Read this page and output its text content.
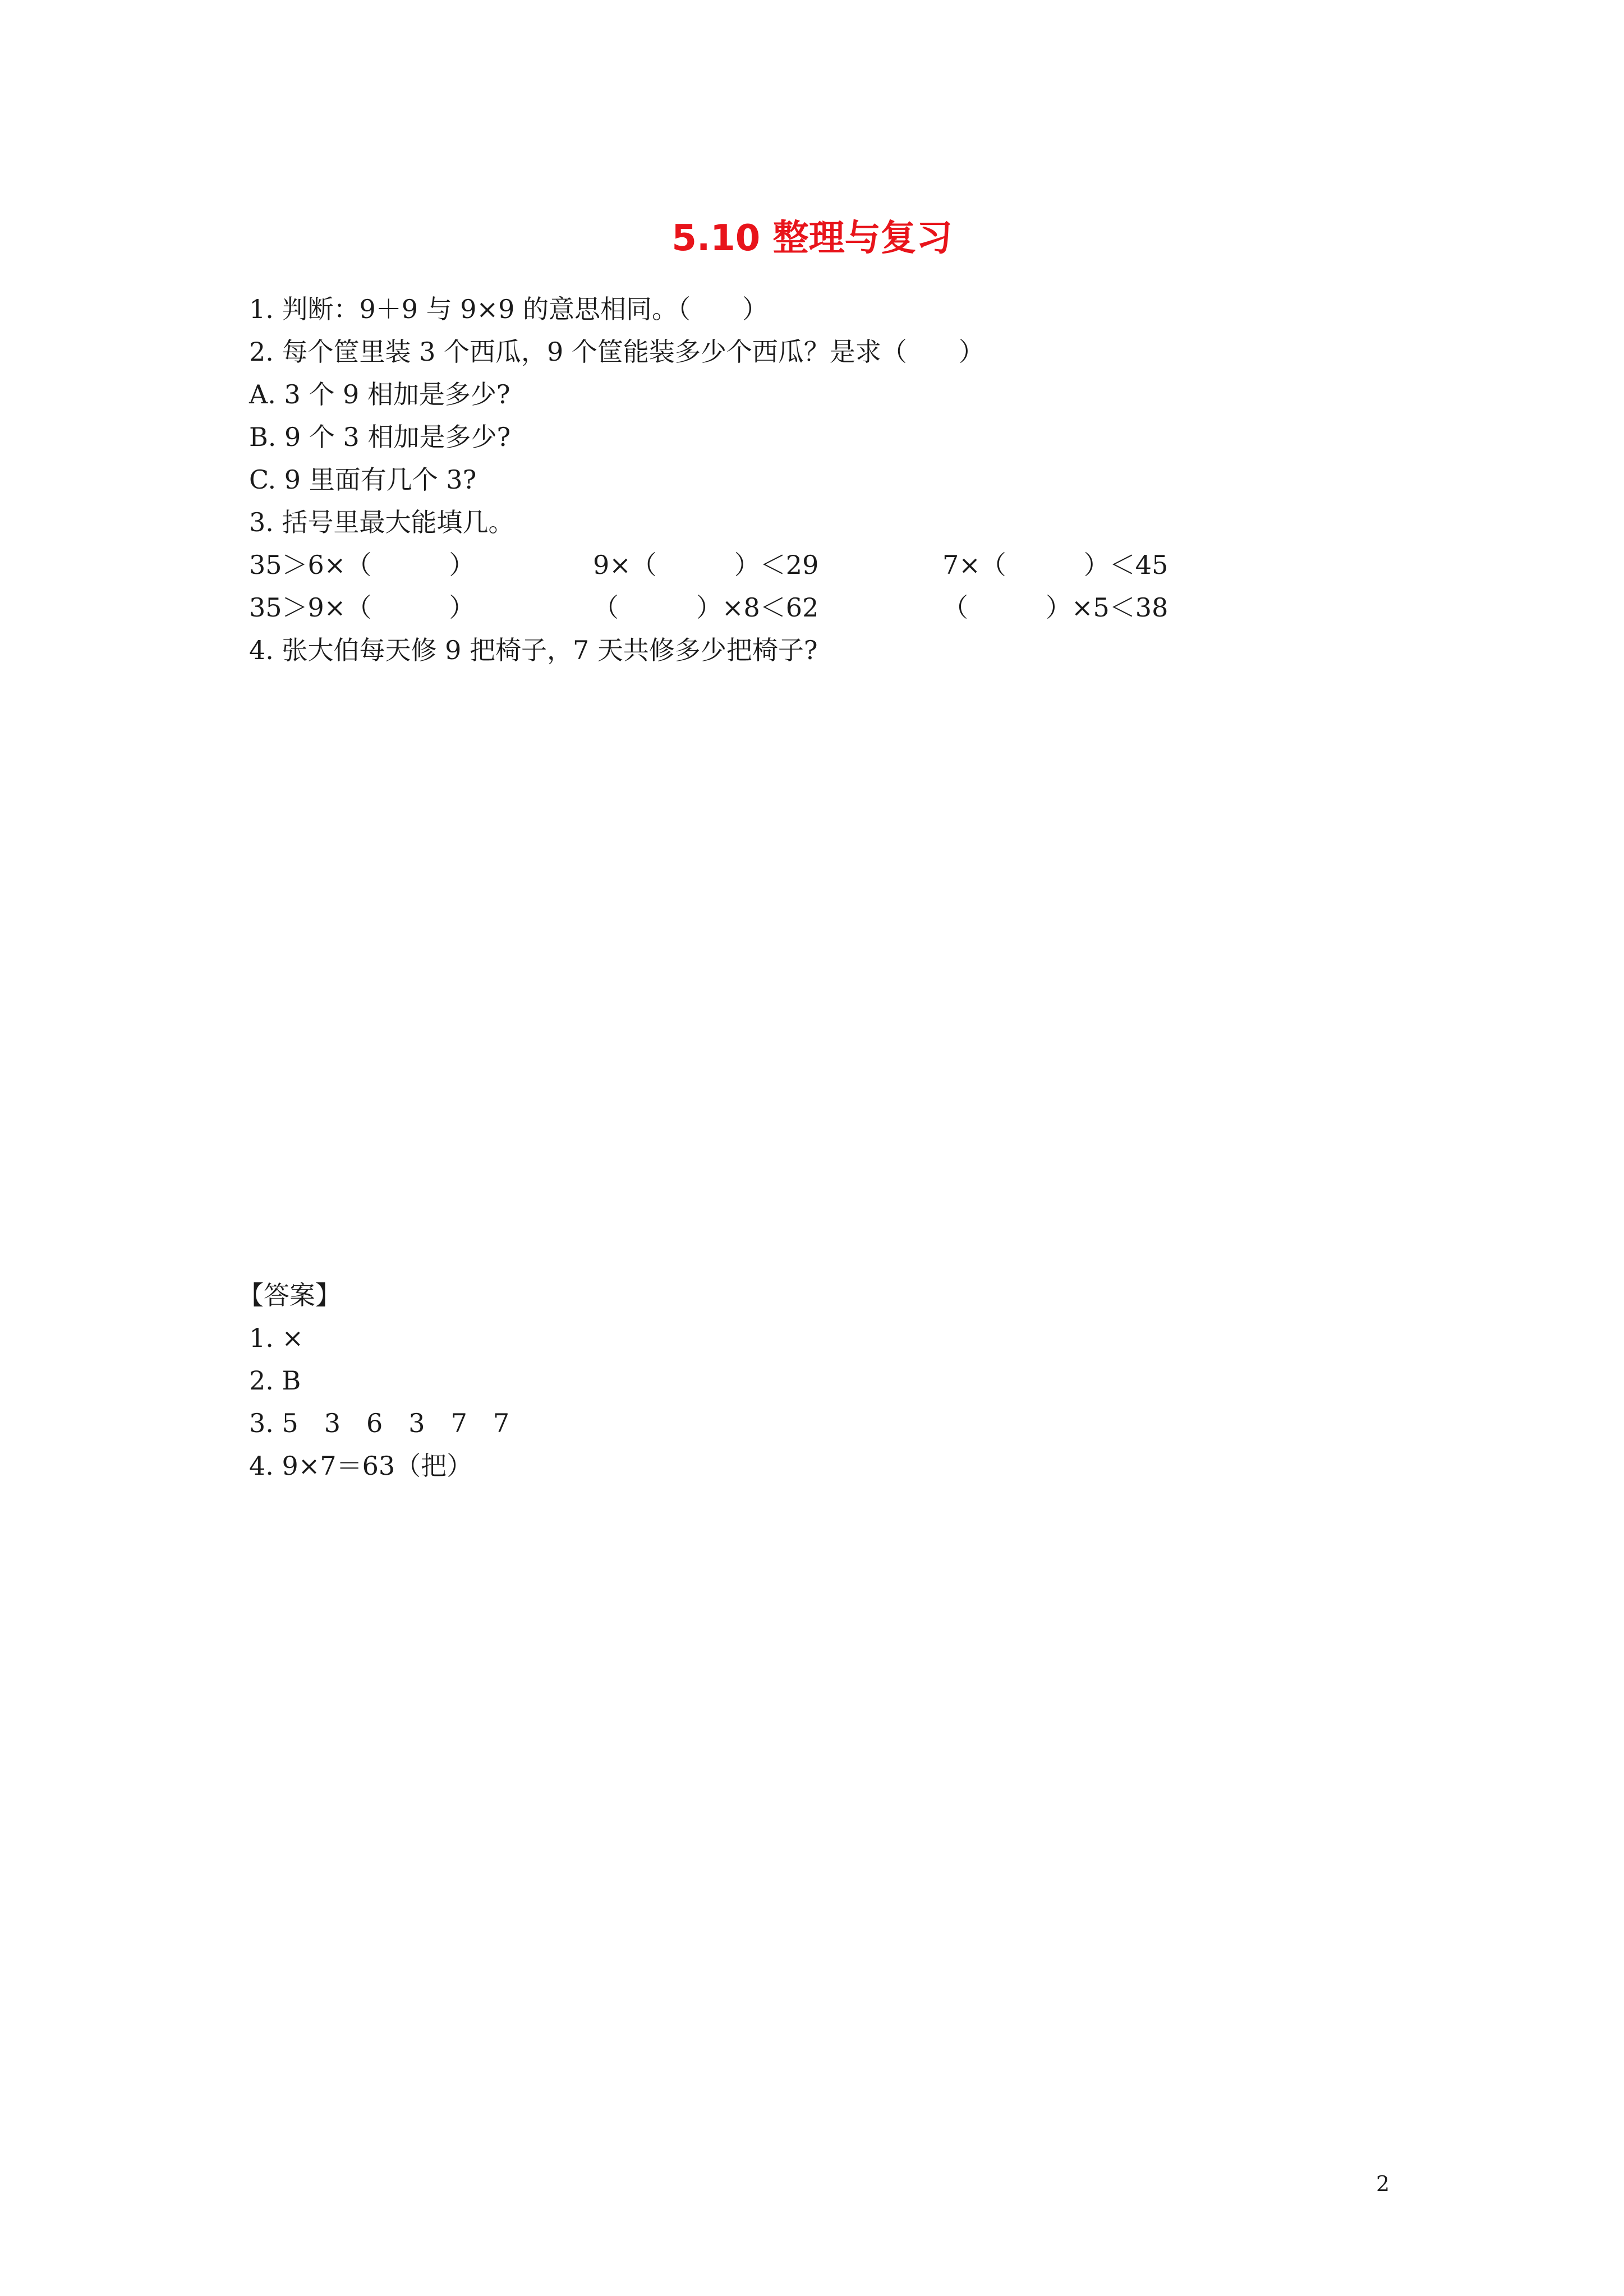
5.10 整理与复习
1. 判断：9＋9 与 9×9 的意思相同。（　　）
2. 每个筐里装 3 个西瓜，9 个筐能装多少个西瓜？是求（　　）
A. 3 个 9 相加是多少?
B. 9 个 3 相加是多少?
C. 9 里面有几个 3?
3. 括号里最大能填几。
35＞6×（　　　）	9×（　　　）＜29	7×（　　　）＜45
35＞9×（　　　）	（　　　）×8＜62	（　　　）×5＜38
4. 张大伯每天修 9 把椅子，7 天共修多少把椅子?
【答案】
1. ×
2. B
3. 5　3　6　3　7　7
4. 9×7＝63（把）
2
